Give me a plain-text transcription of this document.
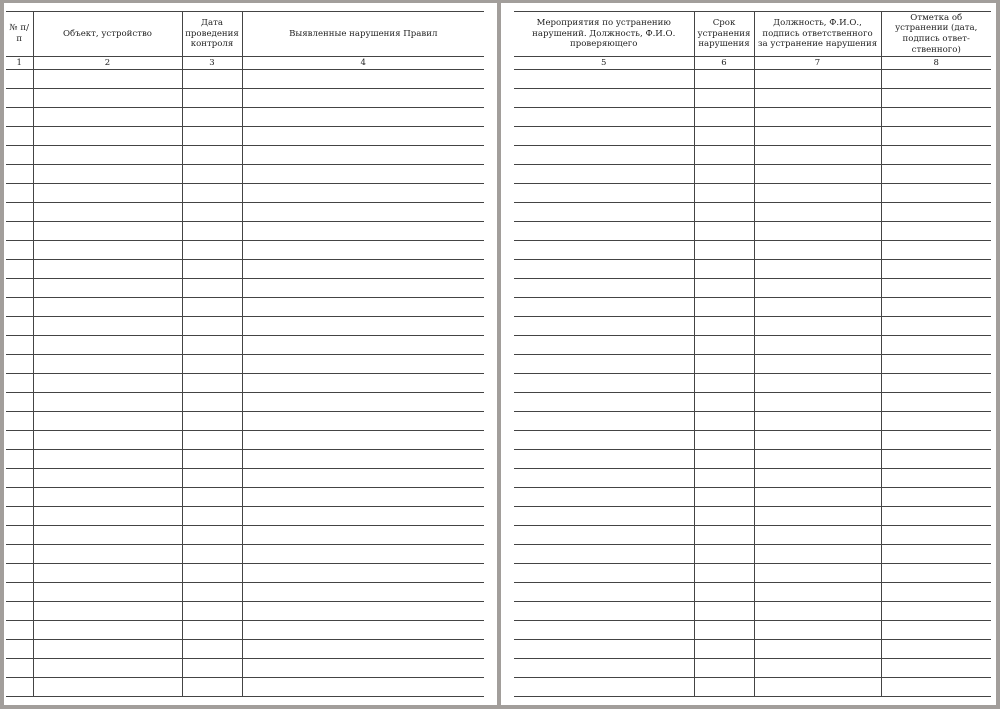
№ п/п	Объект, устройство	Дата проведения контроля	Выявленные нарушения Правил
1	2	3	4

Мероприятия по устранению нарушений. Должность, Ф.И.О. проверяющего	Срок устранения нарушения	Должность, Ф.И.О., подпись ответственного за устранение нарушения	Отметка об устранении (дата, подпись ответ- ственного)
5	6	7	8
